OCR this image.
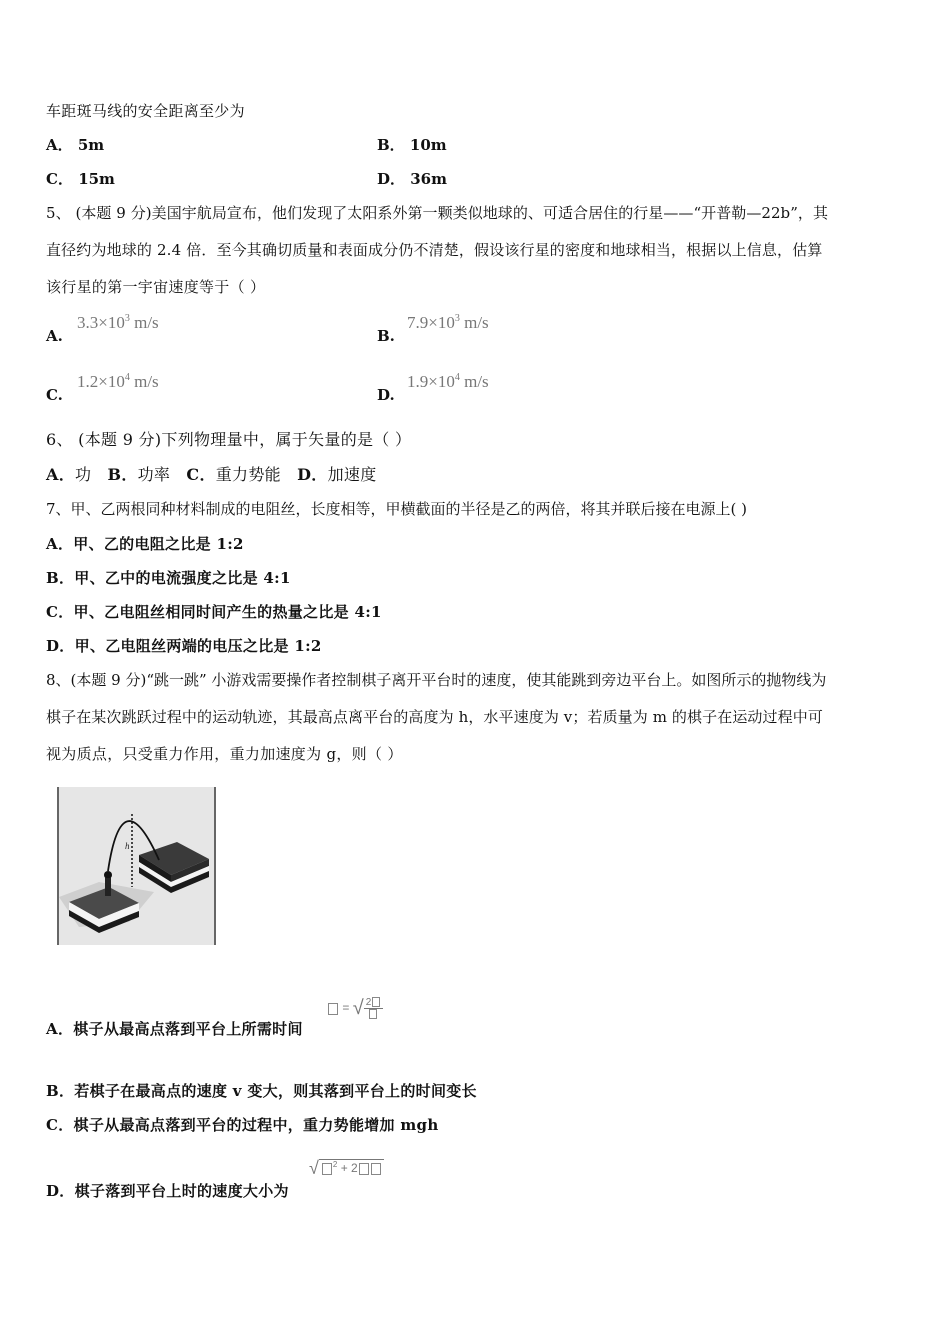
车距斑马线的安全距离至少为
A． 5m	B． 10m
C． 15m	D． 36m
5、 (本题 9 分)美国宇航局宣布，他们发现了太阳系外第一颗类似地球的、可适合居住的行星——“开普勒—22b”，其
直径约为地球的 2.4 倍．至今其确切质量和表面成分仍不清楚，假设该行星的密度和地球相当，根据以上信息，估算
该行星的第一宇宙速度等于（ ）
A.
$3.3\times 10^3$ m/s
B.
$7.9\times 10^3$ m/s
C.
$1.2\times 10^4$ m/s
D.
$1.9\times 10^4$ m/s
6、 (本题 9 分)下列物理量中，属于矢量的是（ ）
A．功 B．功率 C．重力势能 D．加速度
7、甲、乙两根同种材料制成的电阻丝，长度相等，甲横截面的半径是乙的两倍，将其并联后接在电源上( )
A．甲、乙的电阻之比是 1:2
B．甲、乙中的电流强度之比是 4:1
C．甲、乙电阻丝相同时间产生的热量之比是 4:1
D．甲、乙电阻丝两端的电压之比是 1:2
8、(本题 9 分)“跳一跳” 小游戏需要操作者控制棋子离开平台时的速度，使其能跳到旁边平台上。如图所示的抛物线为
棋子在某次跳跃过程中的运动轨迹，其最高点离平台的高度为 h，水平速度为 v；若质量为 m 的棋子在运动过程中可
视为质点，只受重力作用，重力加速度为 g，则（ ）
h
A．棋子从最高点落到平台上所需时间
= √ 2
B．若棋子在最高点的速度 v 变大，则其落到平台上的时间变长
C．棋子从最高点落到平台的过程中，重力势能增加 mgh
D．棋子落到平台上时的速度大小为
√ $^2$ + 2
